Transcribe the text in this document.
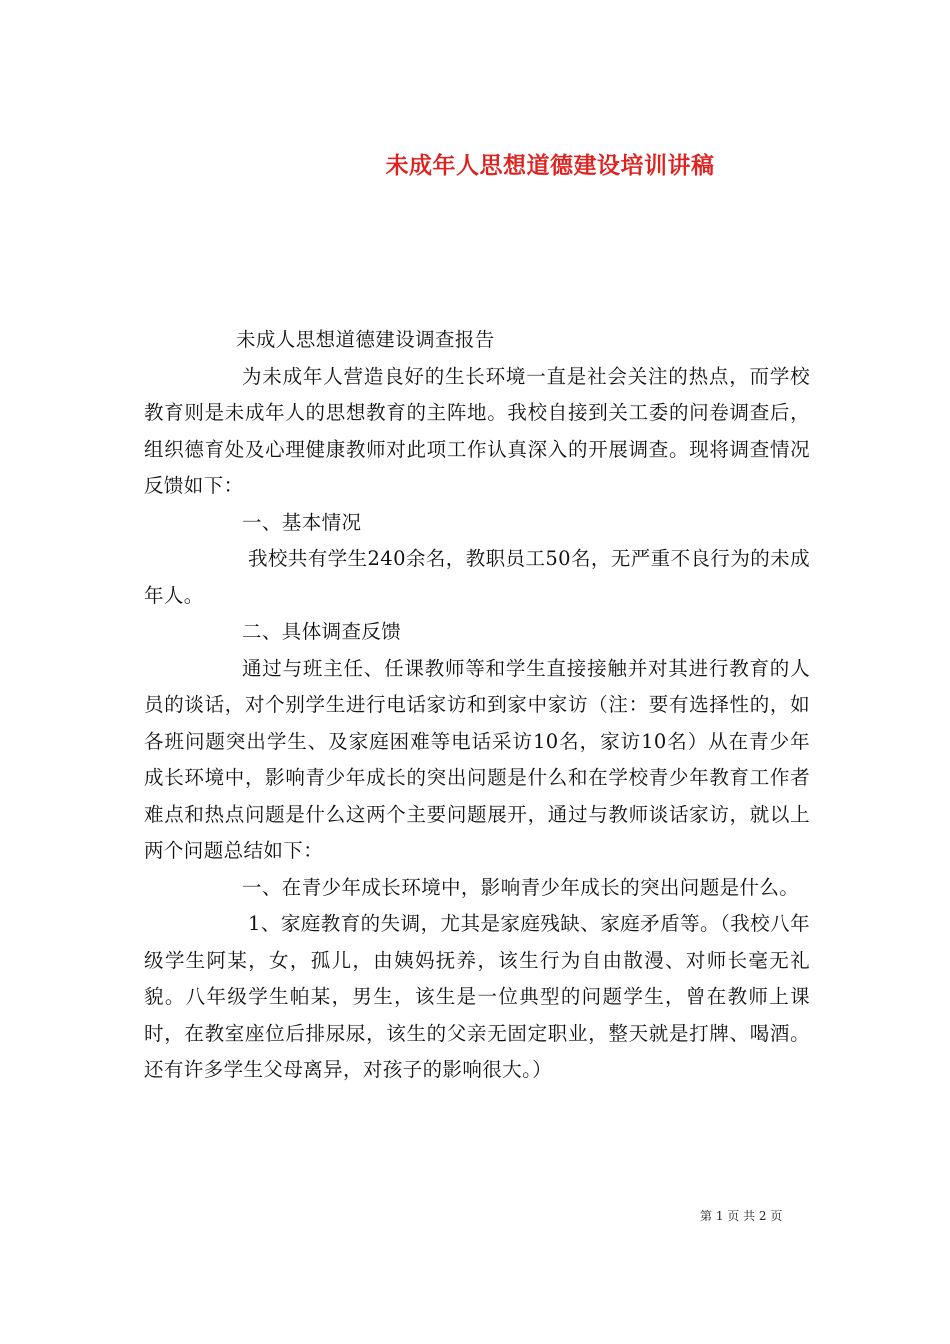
未成年人思想道德建设培训讲稿

未成人思想道德建设调查报告

为未成年人营造良好的生长环境一直是社会关注的热点，而学校教育则是未成年人的思想教育的主阵地。我校自接到关工委的问卷调查后，组织德育处及心理健康教师对此项工作认真深入的开展调查。现将调查情况反馈如下：

一、基本情况

我校共有学生240余名，教职员工50名，无严重不良行为的未成年人。

二、具体调查反馈

通过与班主任、任课教师等和学生直接接触并对其进行教育的人员的谈话，对个别学生进行电话家访和到家中家访（注：要有选择性的，如各班问题突出学生、及家庭困难等电话采访10名，家访10名）从在青少年成长环境中，影响青少年成长的突出问题是什么和在学校青少年教育工作者难点和热点问题是什么这两个主要问题展开，通过与教师谈话家访，就以上两个问题总结如下：

一、在青少年成长环境中，影响青少年成长的突出问题是什么。

1、家庭教育的失调，尤其是家庭残缺、家庭矛盾等。（我校八年级学生阿某，女，孤儿，由姨妈抚养，该生行为自由散漫、对师长毫无礼貌。八年级学生帕某，男生，该生是一位典型的问题学生，曾在教师上课时，在教室座位后排尿尿，该生的父亲无固定职业，整天就是打牌、喝酒。还有许多学生父母离异，对孩子的影响很大。）

第 1 页 共 2 页
